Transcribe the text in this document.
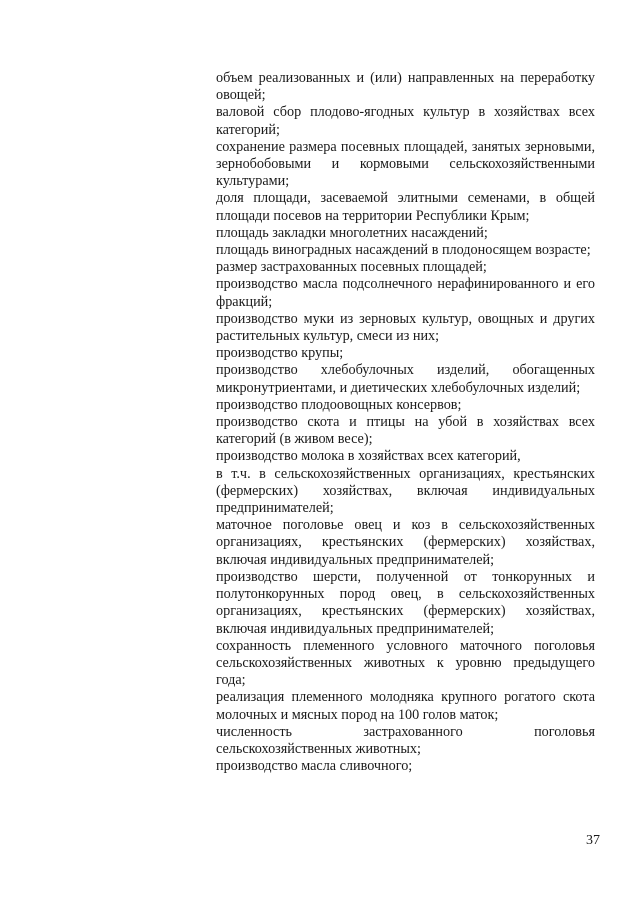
объем реализованных и (или) направленных на переработку овощей;

валовой сбор плодово-ягодных культур в хозяйствах всех категорий;

сохранение размера посевных площадей, занятых зерновыми, зернобобовыми и кормовыми сельскохозяйственными культурами;

доля площади, засеваемой элитными семенами, в общей площади посевов на территории Республики Крым;

площадь закладки многолетних насаждений;

площадь виноградных насаждений в плодоносящем возрасте;

размер застрахованных посевных площадей;

производство масла подсолнечного нерафинированного и его фракций;

производство муки из зерновых культур, овощных и других растительных культур, смеси из них;

производство крупы;

производство хлебобулочных изделий, обогащенных микронутриентами, и диетических хлебобулочных изделий;

производство плодоовощных консервов;

производство скота и птицы на убой в хозяйствах всех категорий (в живом весе);

производство молока в хозяйствах всех категорий,

в т.ч. в сельскохозяйственных организациях, крестьянских (фермерских) хозяйствах, включая индивидуальных предпринимателей;

маточное поголовье овец и коз в сельскохозяйственных организациях, крестьянских (фермерских) хозяйствах, включая индивидуальных предпринимателей;

производство шерсти, полученной от тонкорунных и полутонкорунных пород овец, в сельскохозяйственных организациях, крестьянских (фермерских) хозяйствах, включая индивидуальных предпринимателей;

сохранность племенного условного маточного поголовья сельскохозяйственных животных к уровню предыдущего года;

реализация племенного молодняка крупного рогатого скота молочных и мясных пород на 100 голов маток;

численность застрахованного поголовья сельскохозяйственных животных;

производство масла сливочного;

37
